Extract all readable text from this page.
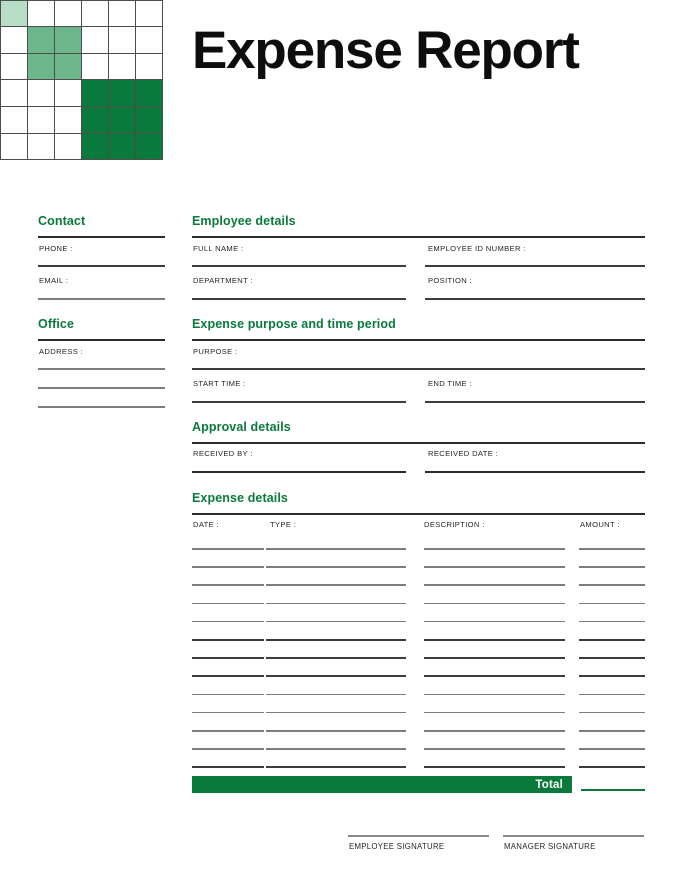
Expense Report
Contact
PHONE :
EMAIL :
Office
ADDRESS :
Employee details
FULL NAME :	EMPLOYEE ID NUMBER :
DEPARTMENT :	POSITION :
Expense purpose and time period
PURPOSE :
START TIME :	END TIME :
Approval details
RECEIVED BY :	RECEIVED DATE :
Expense details
DATE :	TYPE :	DESCRIPTION :	AMOUNT :
Total
EMPLOYEE SIGNATURE	MANAGER SIGNATURE
